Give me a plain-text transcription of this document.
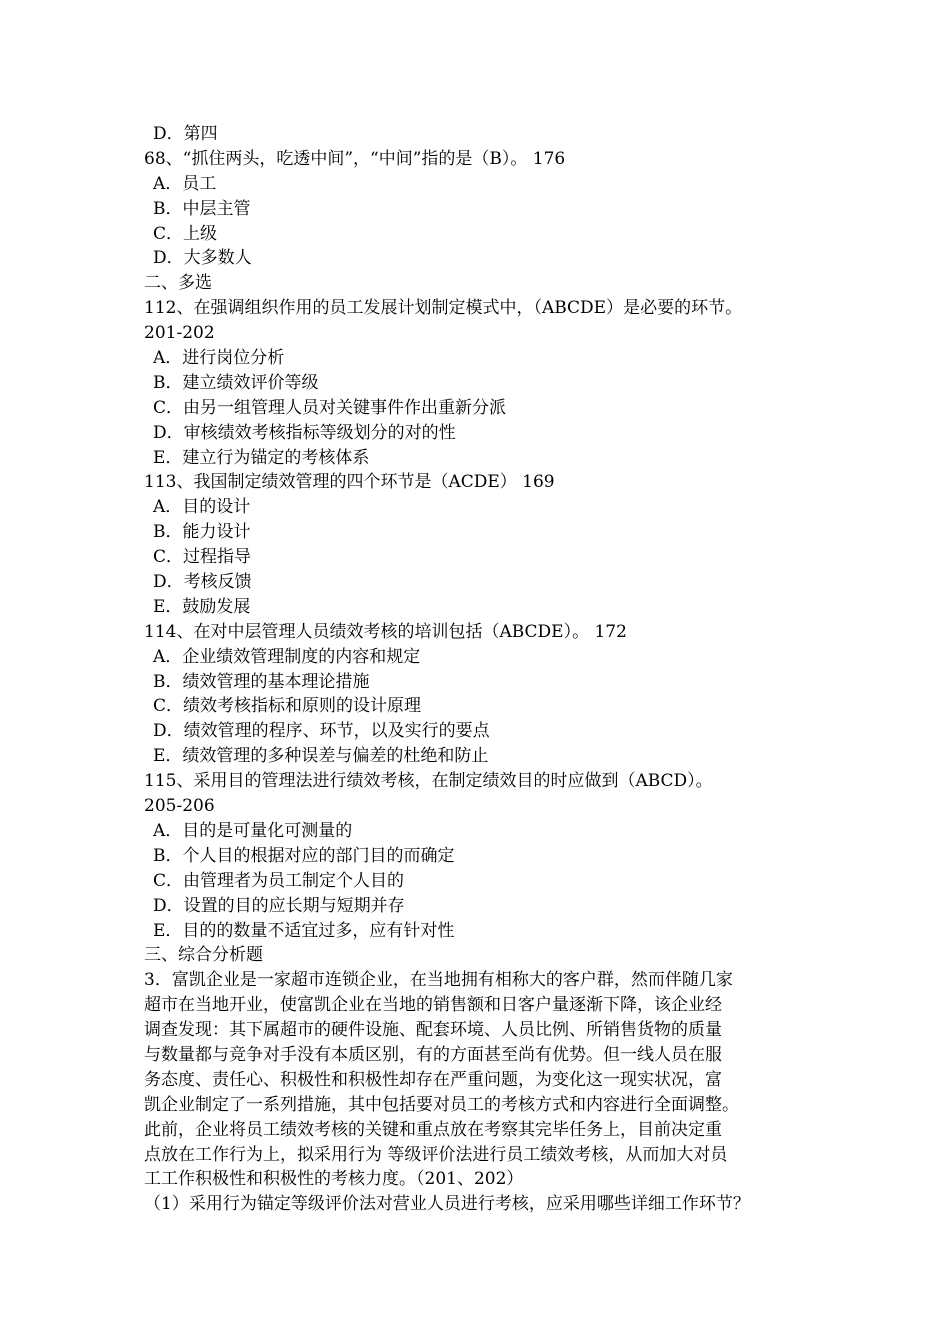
D．第四
68、“抓住两头，吃透中间”，“中间”指的是（B）。 176
A．员工
B．中层主管
C．上级
D．大多数人
二、多选
112、在强调组织作用的员工发展计划制定模式中，（ABCDE）是必要的环节。
201-202
A．进行岗位分析
B．建立绩效评价等级
C．由另一组管理人员对关键事件作出重新分派
D．审核绩效考核指标等级划分的对的性
E．建立行为锚定的考核体系
113、我国制定绩效管理的四个环节是（ACDE） 169
A．目的设计
B．能力设计
C．过程指导
D．考核反馈
E．鼓励发展
114、在对中层管理人员绩效考核的培训包括（ABCDE）。 172
A．企业绩效管理制度的内容和规定
B．绩效管理的基本理论措施
C．绩效考核指标和原则的设计原理
D．绩效管理的程序、环节，以及实行的要点
E．绩效管理的多种误差与偏差的杜绝和防止
115、采用目的管理法进行绩效考核，在制定绩效目的时应做到（ABCD）。
205-206
A．目的是可量化可测量的
B．个人目的根据对应的部门目的而确定
C．由管理者为员工制定个人目的
D．设置的目的应长期与短期并存
E．目的的数量不适宜过多，应有针对性
三、综合分析题
3．富凯企业是一家超市连锁企业，在当地拥有相称大的客户群，然而伴随几家
超市在当地开业，使富凯企业在当地的销售额和日客户量逐渐下降，该企业经
调查发现：其下属超市的硬件设施、配套环境、人员比例、所销售货物的质量
与数量都与竞争对手没有本质区别，有的方面甚至尚有优势。但一线人员在服
务态度、责任心、积极性和积极性却存在严重问题，为变化这一现实状况，富
凯企业制定了一系列措施，其中包括要对员工的考核方式和内容进行全面调整。
此前，企业将员工绩效考核的关键和重点放在考察其完毕任务上，目前决定重
点放在工作行为上，拟采用行为 等级评价法进行员工绩效考核，从而加大对员
工工作积极性和积极性的考核力度。（201、202）
（1）采用行为锚定等级评价法对营业人员进行考核，应采用哪些详细工作环节？
